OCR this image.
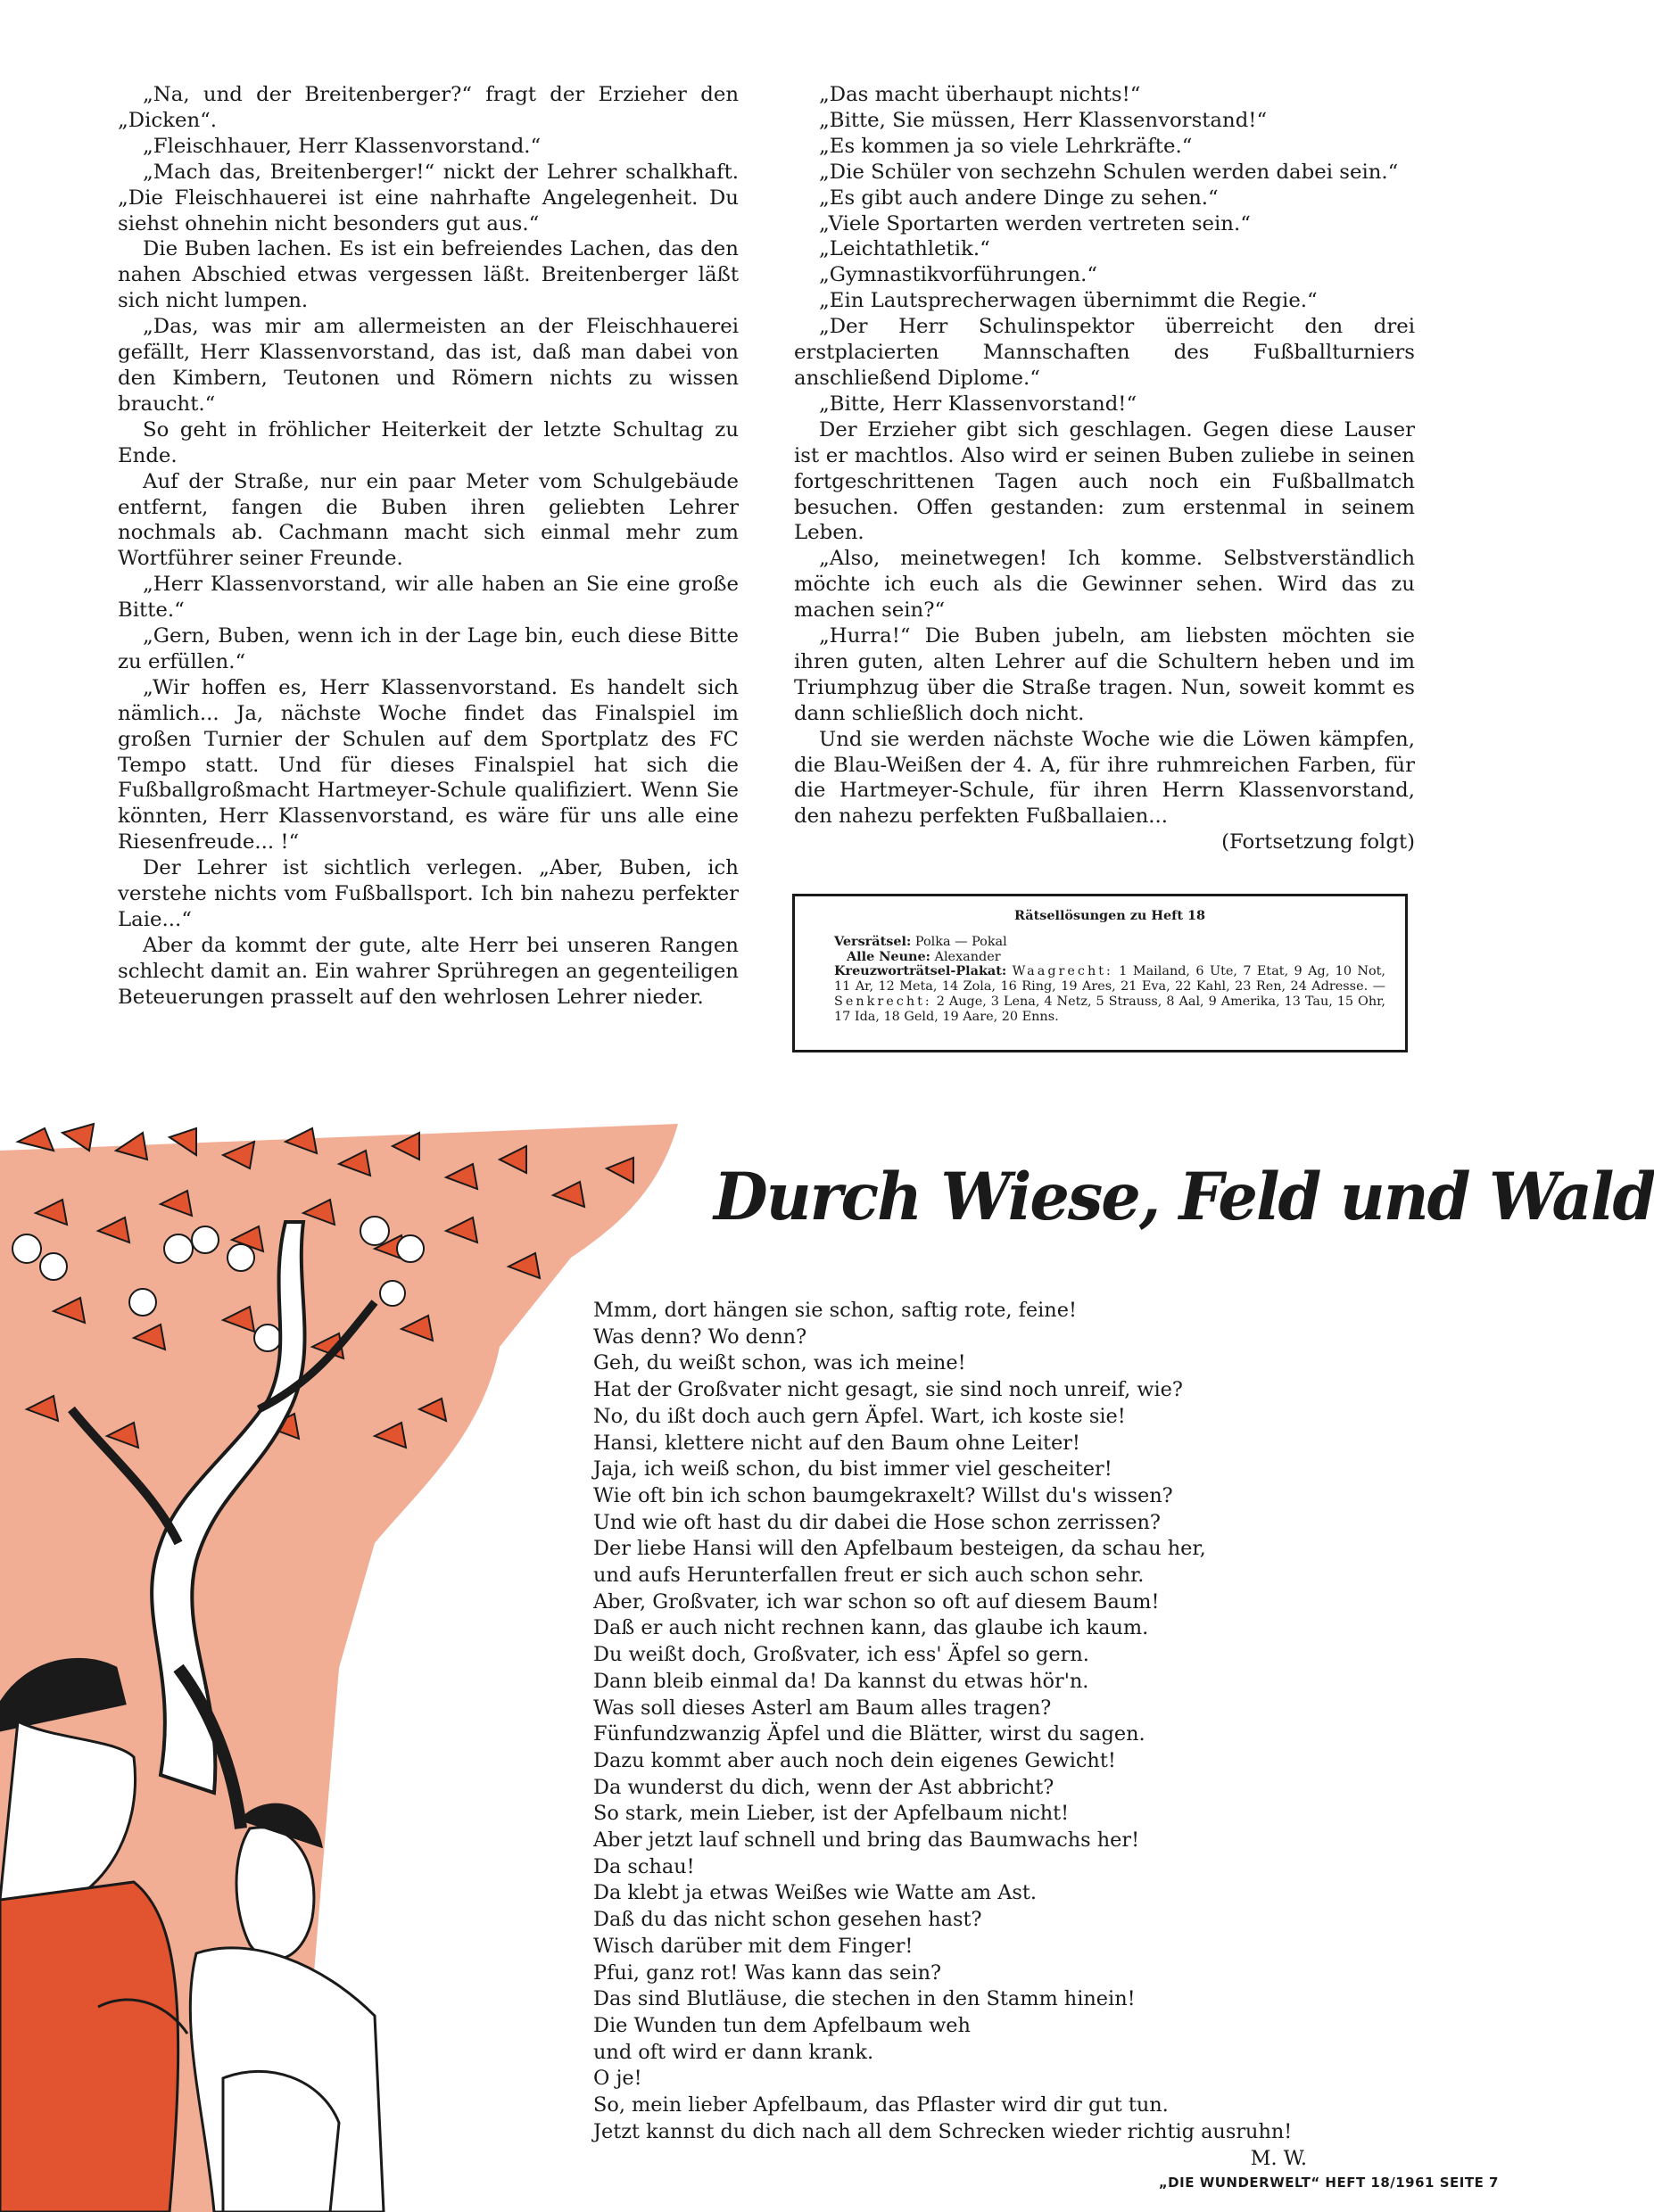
„Na, und der Breitenberger?“ fragt der Erzieher den „Dicken“.

„Fleischhauer, Herr Klassenvorstand.“

„Mach das, Breitenberger!“ nickt der Lehrer schalkhaft. „Die Fleischhauerei ist eine nahrhafte Angelegenheit. Du siehst ohnehin nicht besonders gut aus.“

Die Buben lachen. Es ist ein befreiendes Lachen, das den nahen Abschied etwas vergessen läßt. Breitenberger läßt sich nicht lumpen.

„Das, was mir am allermeisten an der Fleischhauerei gefällt, Herr Klassenvorstand, das ist, daß man dabei von den Kimbern, Teutonen und Römern nichts zu wissen braucht.“

So geht in fröhlicher Heiterkeit der letzte Schultag zu Ende.

Auf der Straße, nur ein paar Meter vom Schulgebäude entfernt, fangen die Buben ihren geliebten Lehrer nochmals ab. Cachmann macht sich einmal mehr zum Wortführer seiner Freunde.

„Herr Klassenvorstand, wir alle haben an Sie eine große Bitte.“

„Gern, Buben, wenn ich in der Lage bin, euch diese Bitte zu erfüllen.“

„Wir hoffen es, Herr Klassenvorstand. Es handelt sich nämlich... Ja, nächste Woche findet das Finalspiel im großen Turnier der Schulen auf dem Sportplatz des FC Tempo statt. Und für dieses Finalspiel hat sich die Fußballgroßmacht Hartmeyer-Schule qualifiziert. Wenn Sie könnten, Herr Klassenvorstand, es wäre für uns alle eine Riesenfreude... !“

Der Lehrer ist sichtlich verlegen. „Aber, Buben, ich verstehe nichts vom Fußballsport. Ich bin nahezu perfekter Laie...“

Aber da kommt der gute, alte Herr bei unseren Rangen schlecht damit an. Ein wahrer Sprühregen an gegenteiligen Beteuerungen prasselt auf den wehrlosen Lehrer nieder.

„Das macht überhaupt nichts!“

„Bitte, Sie müssen, Herr Klassenvorstand!“

„Es kommen ja so viele Lehrkräfte.“

„Die Schüler von sechzehn Schulen werden dabei sein.“

„Es gibt auch andere Dinge zu sehen.“

„Viele Sportarten werden vertreten sein.“

„Leichtathletik.“

„Gymnastikvorführungen.“

„Ein Lautsprecherwagen übernimmt die Regie.“

„Der Herr Schulinspektor überreicht den drei erstplacierten Mannschaften des Fußballturniers anschließend Diplome.“

„Bitte, Herr Klassenvorstand!“

Der Erzieher gibt sich geschlagen. Gegen diese Lauser ist er machtlos. Also wird er seinen Buben zuliebe in seinen fortgeschrittenen Tagen auch noch ein Fußballmatch besuchen. Offen gestanden: zum erstenmal in seinem Leben.

„Also, meinetwegen! Ich komme. Selbstverständlich möchte ich euch als die Gewinner sehen. Wird das zu machen sein?“

„Hurra!“ Die Buben jubeln, am liebsten möchten sie ihren guten, alten Lehrer auf die Schultern heben und im Triumphzug über die Straße tragen. Nun, soweit kommt es dann schließlich doch nicht.

Und sie werden nächste Woche wie die Löwen kämpfen, die Blau-Weißen der 4. A, für ihre ruhmreichen Farben, für die Hartmeyer-Schule, für ihren Herrn Klassenvorstand, den nahezu perfekten Fußballaien...

(Fortsetzung folgt)

Rätsellösungen zu Heft 18
Versrätsel: Polka — Pokal
Alle Neune: Alexander
Kreuzworträtsel-Plakat: Waagrecht: 1 Mailand, 6 Ute, 7 Etat, 9 Ag, 10 Not, 11 Ar, 12 Meta, 14 Zola, 16 Ring, 19 Ares, 21 Eva, 22 Kahl, 23 Ren, 24 Adresse. — Senkrecht: 2 Auge, 3 Lena, 4 Netz, 5 Strauss, 8 Aal, 9 Amerika, 13 Tau, 15 Ohr, 17 Ida, 18 Geld, 19 Aare, 20 Enns.
Durch Wiese, Feld und Wald
Mmm, dort hängen sie schon, saftig rote, feine!
Was denn? Wo denn?
Geh, du weißt schon, was ich meine!
Hat der Großvater nicht gesagt, sie sind noch unreif, wie?
No, du ißt doch auch gern Äpfel. Wart, ich koste sie!
Hansi, klettere nicht auf den Baum ohne Leiter!
Jaja, ich weiß schon, du bist immer viel gescheiter!
Wie oft bin ich schon baumgekraxelt? Willst du's wissen?
Und wie oft hast du dir dabei die Hose schon zerrissen?
Der liebe Hansi will den Apfelbaum besteigen, da schau her,
und aufs Herunterfallen freut er sich auch schon sehr.
Aber, Großvater, ich war schon so oft auf diesem Baum!
Daß er auch nicht rechnen kann, das glaube ich kaum.
Du weißt doch, Großvater, ich ess' Äpfel so gern.
Dann bleib einmal da! Da kannst du etwas hör'n.
Was soll dieses Asterl am Baum alles tragen?
Fünfundzwanzig Äpfel und die Blätter, wirst du sagen.
Dazu kommt aber auch noch dein eigenes Gewicht!
Da wunderst du dich, wenn der Ast abbricht?
So stark, mein Lieber, ist der Apfelbaum nicht!
Aber jetzt lauf schnell und bring das Baumwachs her!
Da schau!
Da klebt ja etwas Weißes wie Watte am Ast.
Daß du das nicht schon gesehen hast?
Wisch darüber mit dem Finger!
Pfui, ganz rot! Was kann das sein?
Das sind Blutläuse, die stechen in den Stamm hinein!
Die Wunden tun dem Apfelbaum weh
und oft wird er dann krank.
O je!
So, mein lieber Apfelbaum, das Pflaster wird dir gut tun.
Jetzt kannst du dich nach all dem Schrecken wieder richtig ausruhn!
M. W.
„DIE WUNDERWELT“ HEFT 18/1961 SEITE 7
